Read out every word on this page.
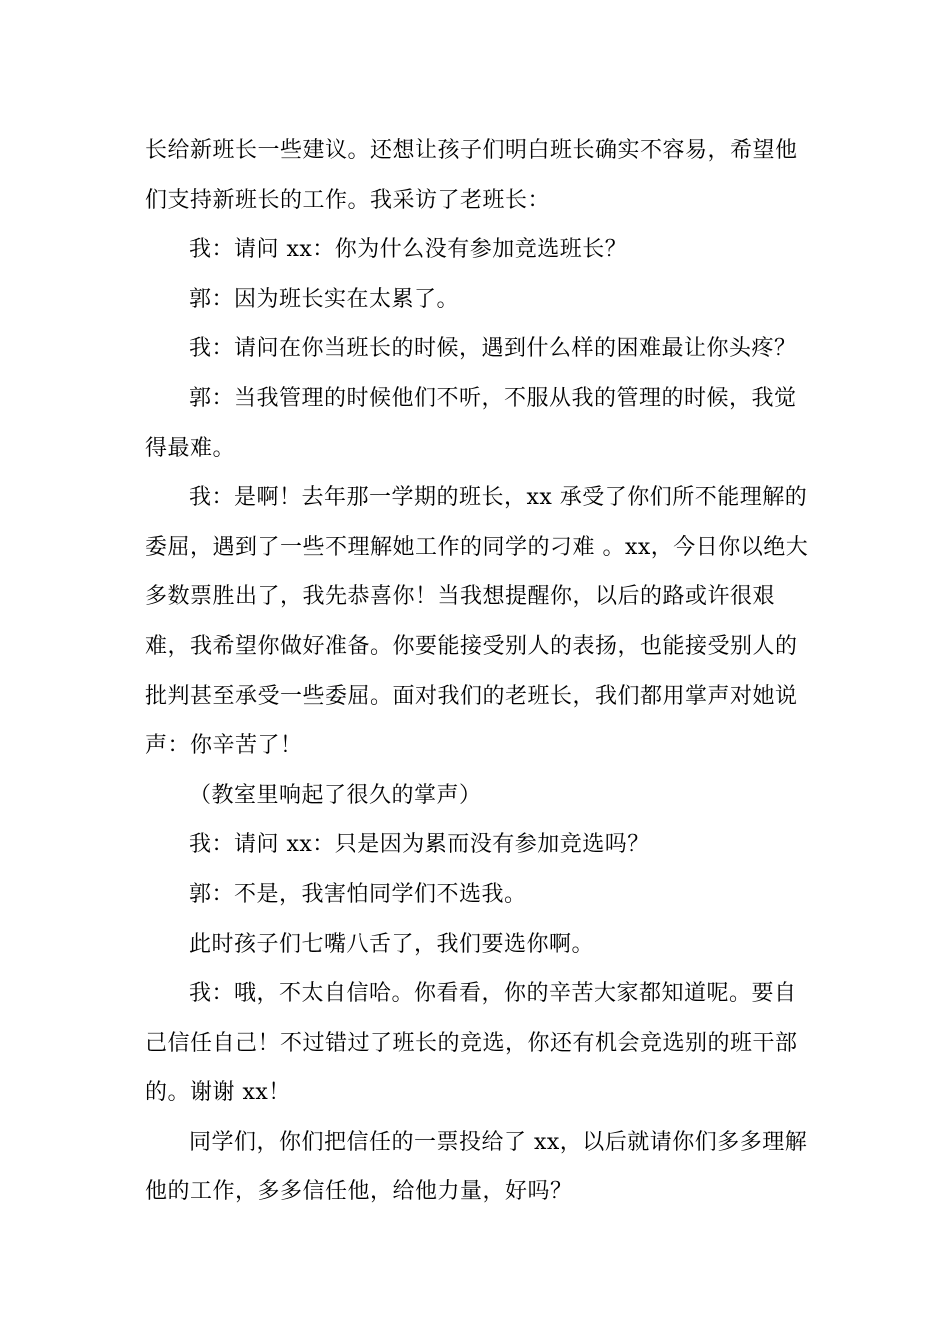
长给新班长一些建议。还想让孩子们明白班长确实不容易，希望他们支持新班长的工作。我采访了老班长：

我：请问 xx：你为什么没有参加竞选班长？

郭：因为班长实在太累了。

我：请问在你当班长的时候，遇到什么样的困难最让你头疼？

郭：当我管理的时候他们不听，不服从我的管理的时候，我觉得最难。

我：是啊！去年那一学期的班长，xx 承受了你们所不能理解的委屈，遇到了一些不理解她工作的同学的刁难 。xx，今日你以绝大多数票胜出了，我先恭喜你！当我想提醒你，以后的路或许很艰难，我希望你做好准备。你要能接受别人的表扬，也能接受别人的批判甚至承受一些委屈。面对我们的老班长，我们都用掌声对她说声：你辛苦了！

（教室里响起了很久的掌声）

我：请问 xx：只是因为累而没有参加竞选吗？

郭：不是，我害怕同学们不选我。

此时孩子们七嘴八舌了，我们要选你啊。

我：哦，不太自信哈。你看看，你的辛苦大家都知道呢。要自己信任自己！不过错过了班长的竞选，你还有机会竞选别的班干部的。谢谢 xx！

同学们，你们把信任的一票投给了 xx，以后就请你们多多理解他的工作，多多信任他，给他力量，好吗？
